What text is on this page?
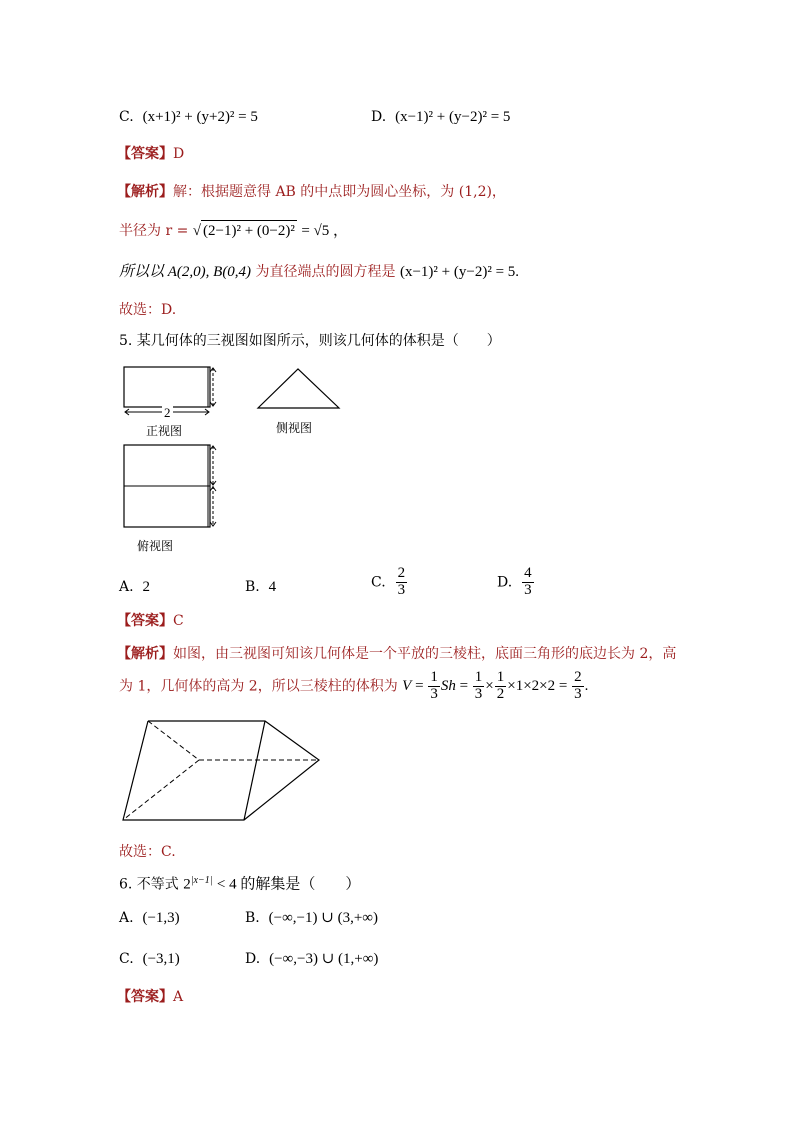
C. (x+1)² + (y+2)² = 5	D. (x−1)² + (y−2)² = 5
【答案】D
【解析】解：根据题意得 AB 的中点即为圆心坐标，为 (1,2)，
半径为 r = √ (2−1)² + (0−2)² = √5 ，
所以以 A(2,0), B(0,4) 为直径端点的圆方程是 (x−1)² + (y−2)² = 5.
故选：D.
5. 某几何体的三视图如图所示，则该几何体的体积是（　　）
2
正视图	侧视图
俯视图
A. 2	B. 4	C. $\frac{2}{3}$	D. $\frac{4}{3}$
【答案】C
【解析】如图，由三视图可知该几何体是一个平放的三棱柱，底面三角形的底边长为 2，高
为 1，几何体的高为 2，所以三棱柱的体积为 $V = \frac{1}{3}$ $Sh = \frac{1}{3} \times \frac{1}{2} \times 1\times 2\times 2 = \frac{2}{3}$ .
故选：C.
6. 不等式 $2^{|x-1|} < 4$ 的解集是（　　）
A. (−1,3)	B. (−∞,−1) ∪ (3,+∞)
C. (−3,1)	D. (−∞,−3) ∪ (1,+∞)
【答案】A
